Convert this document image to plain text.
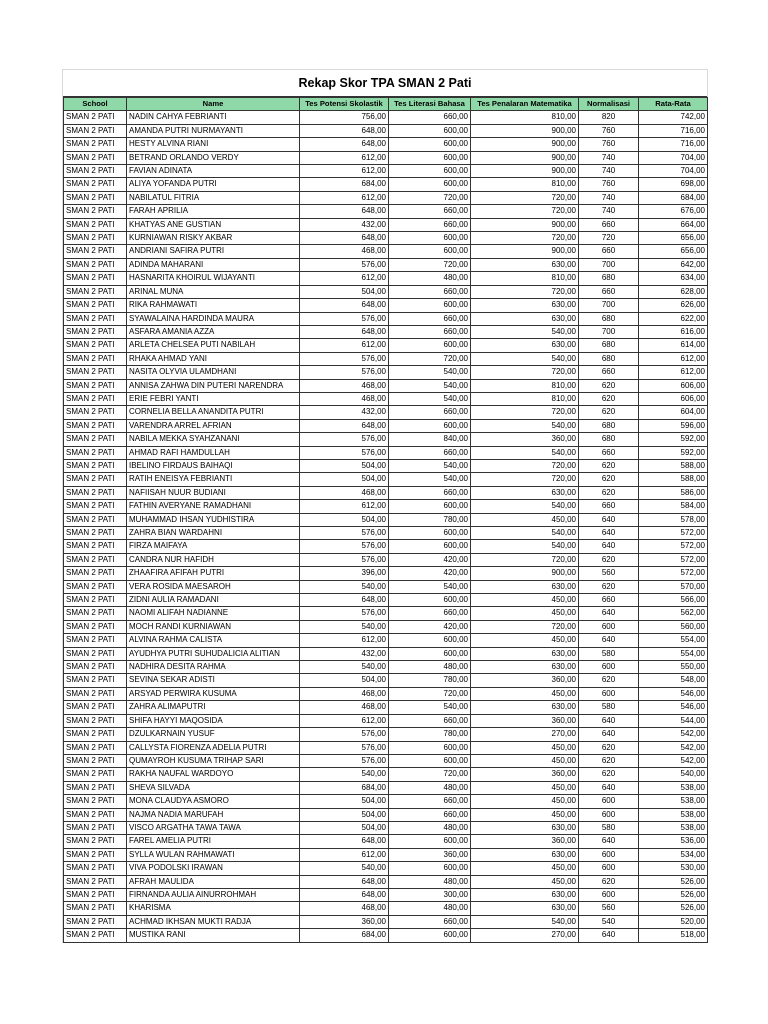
Rekap Skor TPA SMAN 2 Pati
School	Name	Tes Potensi Skolastik	Tes Literasi Bahasa	Tes Penalaran Matematika	Normalisasi	Rata-Rata
SMAN 2 PATI	NADIN CAHYA FEBRIANTI	756,00	660,00	810,00	820	742,00
SMAN 2 PATI	AMANDA PUTRI NURMAYANTI	648,00	600,00	900,00	760	716,00
SMAN 2 PATI	HESTY ALVINA RIANI	648,00	600,00	900,00	760	716,00
SMAN 2 PATI	BETRAND ORLANDO VERDY	612,00	600,00	900,00	740	704,00
SMAN 2 PATI	FAVIAN ADINATA	612,00	600,00	900,00	740	704,00
SMAN 2 PATI	ALIYA YOFANDA PUTRI	684,00	600,00	810,00	760	698,00
SMAN 2 PATI	NABILATUL FITRIA	612,00	720,00	720,00	740	684,00
SMAN 2 PATI	FARAH APRILIA	648,00	660,00	720,00	740	676,00
SMAN 2 PATI	KHATYAS ANE GUSTIAN	432,00	660,00	900,00	660	664,00
SMAN 2 PATI	KURNIAWAN RISKY AKBAR	648,00	600,00	720,00	720	656,00
SMAN 2 PATI	ANDRIANI SAFIRA PUTRI	468,00	600,00	900,00	660	656,00
SMAN 2 PATI	ADINDA MAHARANI	576,00	720,00	630,00	700	642,00
SMAN 2 PATI	HASNARITA KHOIRUL WIJAYANTI	612,00	480,00	810,00	680	634,00
SMAN 2 PATI	ARINAL MUNA	504,00	660,00	720,00	660	628,00
SMAN 2 PATI	RIKA RAHMAWATI	648,00	600,00	630,00	700	626,00
SMAN 2 PATI	SYAWALAINA HARDINDA MAURA	576,00	660,00	630,00	680	622,00
SMAN 2 PATI	ASFARA AMANIA AZZA	648,00	660,00	540,00	700	616,00
SMAN 2 PATI	ARLETA CHELSEA PUTI NABILAH	612,00	600,00	630,00	680	614,00
SMAN 2 PATI	RHAKA AHMAD YANI	576,00	720,00	540,00	680	612,00
SMAN 2 PATI	NASITA OLYVIA ULAMDHANI	576,00	540,00	720,00	660	612,00
SMAN 2 PATI	ANNISA ZAHWA DIN PUTERI NARENDRA	468,00	540,00	810,00	620	606,00
SMAN 2 PATI	ERIE FEBRI YANTI	468,00	540,00	810,00	620	606,00
SMAN 2 PATI	CORNELIA BELLA ANANDITA PUTRI	432,00	660,00	720,00	620	604,00
SMAN 2 PATI	VARENDRA ARREL AFRIAN	648,00	600,00	540,00	680	596,00
SMAN 2 PATI	NABILA MEKKA SYAHZANANI	576,00	840,00	360,00	680	592,00
SMAN 2 PATI	AHMAD RAFI HAMDULLAH	576,00	660,00	540,00	660	592,00
SMAN 2 PATI	IBELINO FIRDAUS BAIHAQI	504,00	540,00	720,00	620	588,00
SMAN 2 PATI	RATIH ENEISYA FEBRIANTI	504,00	540,00	720,00	620	588,00
SMAN 2 PATI	NAFIISAH NUUR BUDIANI	468,00	660,00	630,00	620	586,00
SMAN 2 PATI	FATHIN AVERYANE RAMADHANI	612,00	600,00	540,00	660	584,00
SMAN 2 PATI	MUHAMMAD IHSAN YUDHISTIRA	504,00	780,00	450,00	640	578,00
SMAN 2 PATI	ZAHRA BIAN WARDAHNI	576,00	600,00	540,00	640	572,00
SMAN 2 PATI	FIRZA MAIFAYA	576,00	600,00	540,00	640	572,00
SMAN 2 PATI	CANDRA NUR HAFIDH	576,00	420,00	720,00	620	572,00
SMAN 2 PATI	ZHAAFIRA AFIFAH PUTRI	396,00	420,00	900,00	560	572,00
SMAN 2 PATI	VERA ROSIDA MAESAROH	540,00	540,00	630,00	620	570,00
SMAN 2 PATI	ZIDNI AULIA RAMADANI	648,00	600,00	450,00	660	566,00
SMAN 2 PATI	NAOMI ALIFAH NADIANNE	576,00	660,00	450,00	640	562,00
SMAN 2 PATI	MOCH RANDI KURNIAWAN	540,00	420,00	720,00	600	560,00
SMAN 2 PATI	ALVINA RAHMA CALISTA	612,00	600,00	450,00	640	554,00
SMAN 2 PATI	AYUDHYA PUTRI SUHUDALICIA ALITIAN	432,00	600,00	630,00	580	554,00
SMAN 2 PATI	NADHIRA DESITA RAHMA	540,00	480,00	630,00	600	550,00
SMAN 2 PATI	SEVINA SEKAR ADISTI	504,00	780,00	360,00	620	548,00
SMAN 2 PATI	ARSYAD PERWIRA KUSUMA	468,00	720,00	450,00	600	546,00
SMAN 2 PATI	ZAHRA ALIMAPUTRI	468,00	540,00	630,00	580	546,00
SMAN 2 PATI	SHIFA HAYYI MAQOSIDA	612,00	660,00	360,00	640	544,00
SMAN 2 PATI	DZULKARNAIN YUSUF	576,00	780,00	270,00	640	542,00
SMAN 2 PATI	CALLYSTA FIORENZA ADELIA PUTRI	576,00	600,00	450,00	620	542,00
SMAN 2 PATI	QUMAYROH KUSUMA TRIHAP SARI	576,00	600,00	450,00	620	542,00
SMAN 2 PATI	RAKHA NAUFAL WARDOYO	540,00	720,00	360,00	620	540,00
SMAN 2 PATI	SHEVA SILVADA	684,00	480,00	450,00	640	538,00
SMAN 2 PATI	MONA CLAUDYA ASMORO	504,00	660,00	450,00	600	538,00
SMAN 2 PATI	NAJMA NADIA MARUFAH	504,00	660,00	450,00	600	538,00
SMAN 2 PATI	VISCO ARGATHA TAWA TAWA	504,00	480,00	630,00	580	538,00
SMAN 2 PATI	FAREL AMELIA PUTRI	648,00	600,00	360,00	640	536,00
SMAN 2 PATI	SYLLA WULAN RAHMAWATI	612,00	360,00	630,00	600	534,00
SMAN 2 PATI	VIVA PODOLSKI IRAWAN	540,00	600,00	450,00	600	530,00
SMAN 2 PATI	AFRAH MAULIDA	648,00	480,00	450,00	620	526,00
SMAN 2 PATI	FIRNANDA AULIA AINURROHMAH	648,00	300,00	630,00	600	526,00
SMAN 2 PATI	KHARISMA	468,00	480,00	630,00	560	526,00
SMAN 2 PATI	ACHMAD IKHSAN MUKTI RADJA	360,00	660,00	540,00	540	520,00
SMAN 2 PATI	MUSTIKA RANI	684,00	600,00	270,00	640	518,00
